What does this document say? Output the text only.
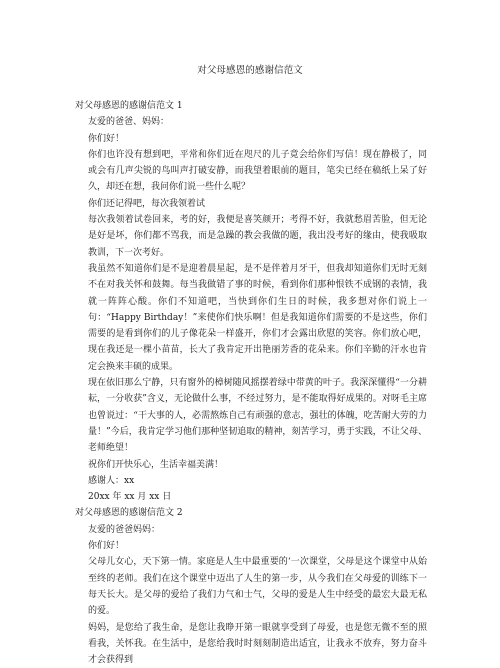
对父母感恩的感谢信范文

对父母感恩的感谢信范文 1

友爱的爸爸、妈妈：

你们好！

你们也许没有想到吧，平常和你们近在咫尺的儿子竟会给你们写信！现在静极了，同或会有几声尖锐的鸟叫声打破安静，而我望着眼前的题目，笔尖已经在稿纸上呆了好久，却还在想，我问你们说一些什么呢？

你们还记得吧，每次我领着试

每次我领着试卷回来，考的好，我便是喜笑颜开；考得不好，我就愁眉苦脸，但无论是好是坏，你们都不骂我，而是急躁的教会我做的题，我出没考好的缘由，使我吸取教训，下一次考好。

我虽然不知道你们是不是迎着晨星起，是不是伴着月牙干，但我却知道你们无时无刻不在对我关怀和鼓舞。每当我做错了事的时候，看到你们那种恨铁不成钢的表情，我就一阵阵心酸。你们不知道吧，当快到你们生日的时候，我多想对你们说上一句：“Happy Birthday！”来使你们快乐啊！但是我知道你们需要的不是这些，你们需要的是看到你们的儿子像花朵一样盛开，你们才会露出欣慰的笑容。你们放心吧，现在我还是一棵小苗苗，长大了我肯定开出艳丽芳香的花朵来。你们辛勤的汗水也肯定会换来丰硕的成果。

现在依旧那么宁静，只有窗外的樟树随风摇摆着绿中带黄的叶子。我深深懂得“一分耕耘，一分收获”含义，无论做什么事，不经过努力，是不能取得好成果的。对呀毛主席也曾说过：“干大事的人，必需熬炼自己有顽强的意志，强壮的体魄，吃苦耐大劳的力量！”今后，我肯定学习他们那种坚韧追取的精神，刻苦学习，勇于实践，不让父母、老师绝望！

祝你们开快乐心，生活幸福美满！

感谢人：xx

20xx 年 xx 月 xx 日

对父母感恩的感谢信范文 2

友爱的爸爸妈妈：

你们好！

父母儿女心，天下第一情。家庭是人生中最重要的‘一次课堂，父母是这个课堂中从始至终的老师。我们在这个课堂中迈出了人生的第一步，从今我们在父母爱的训练下一每天长大。是父母的爱给了我们力气和士气，父母的爱是人生中经受的最宏大最无私的爱。

妈妈，是您给了我生命，是您让我睁开第一眼就享受到了母爱，也是您无微不至的照看我，关怀我。在生活中，是您给我时时刻刻制造出适宜，让我永不放弃，努力奋斗才会获得到
